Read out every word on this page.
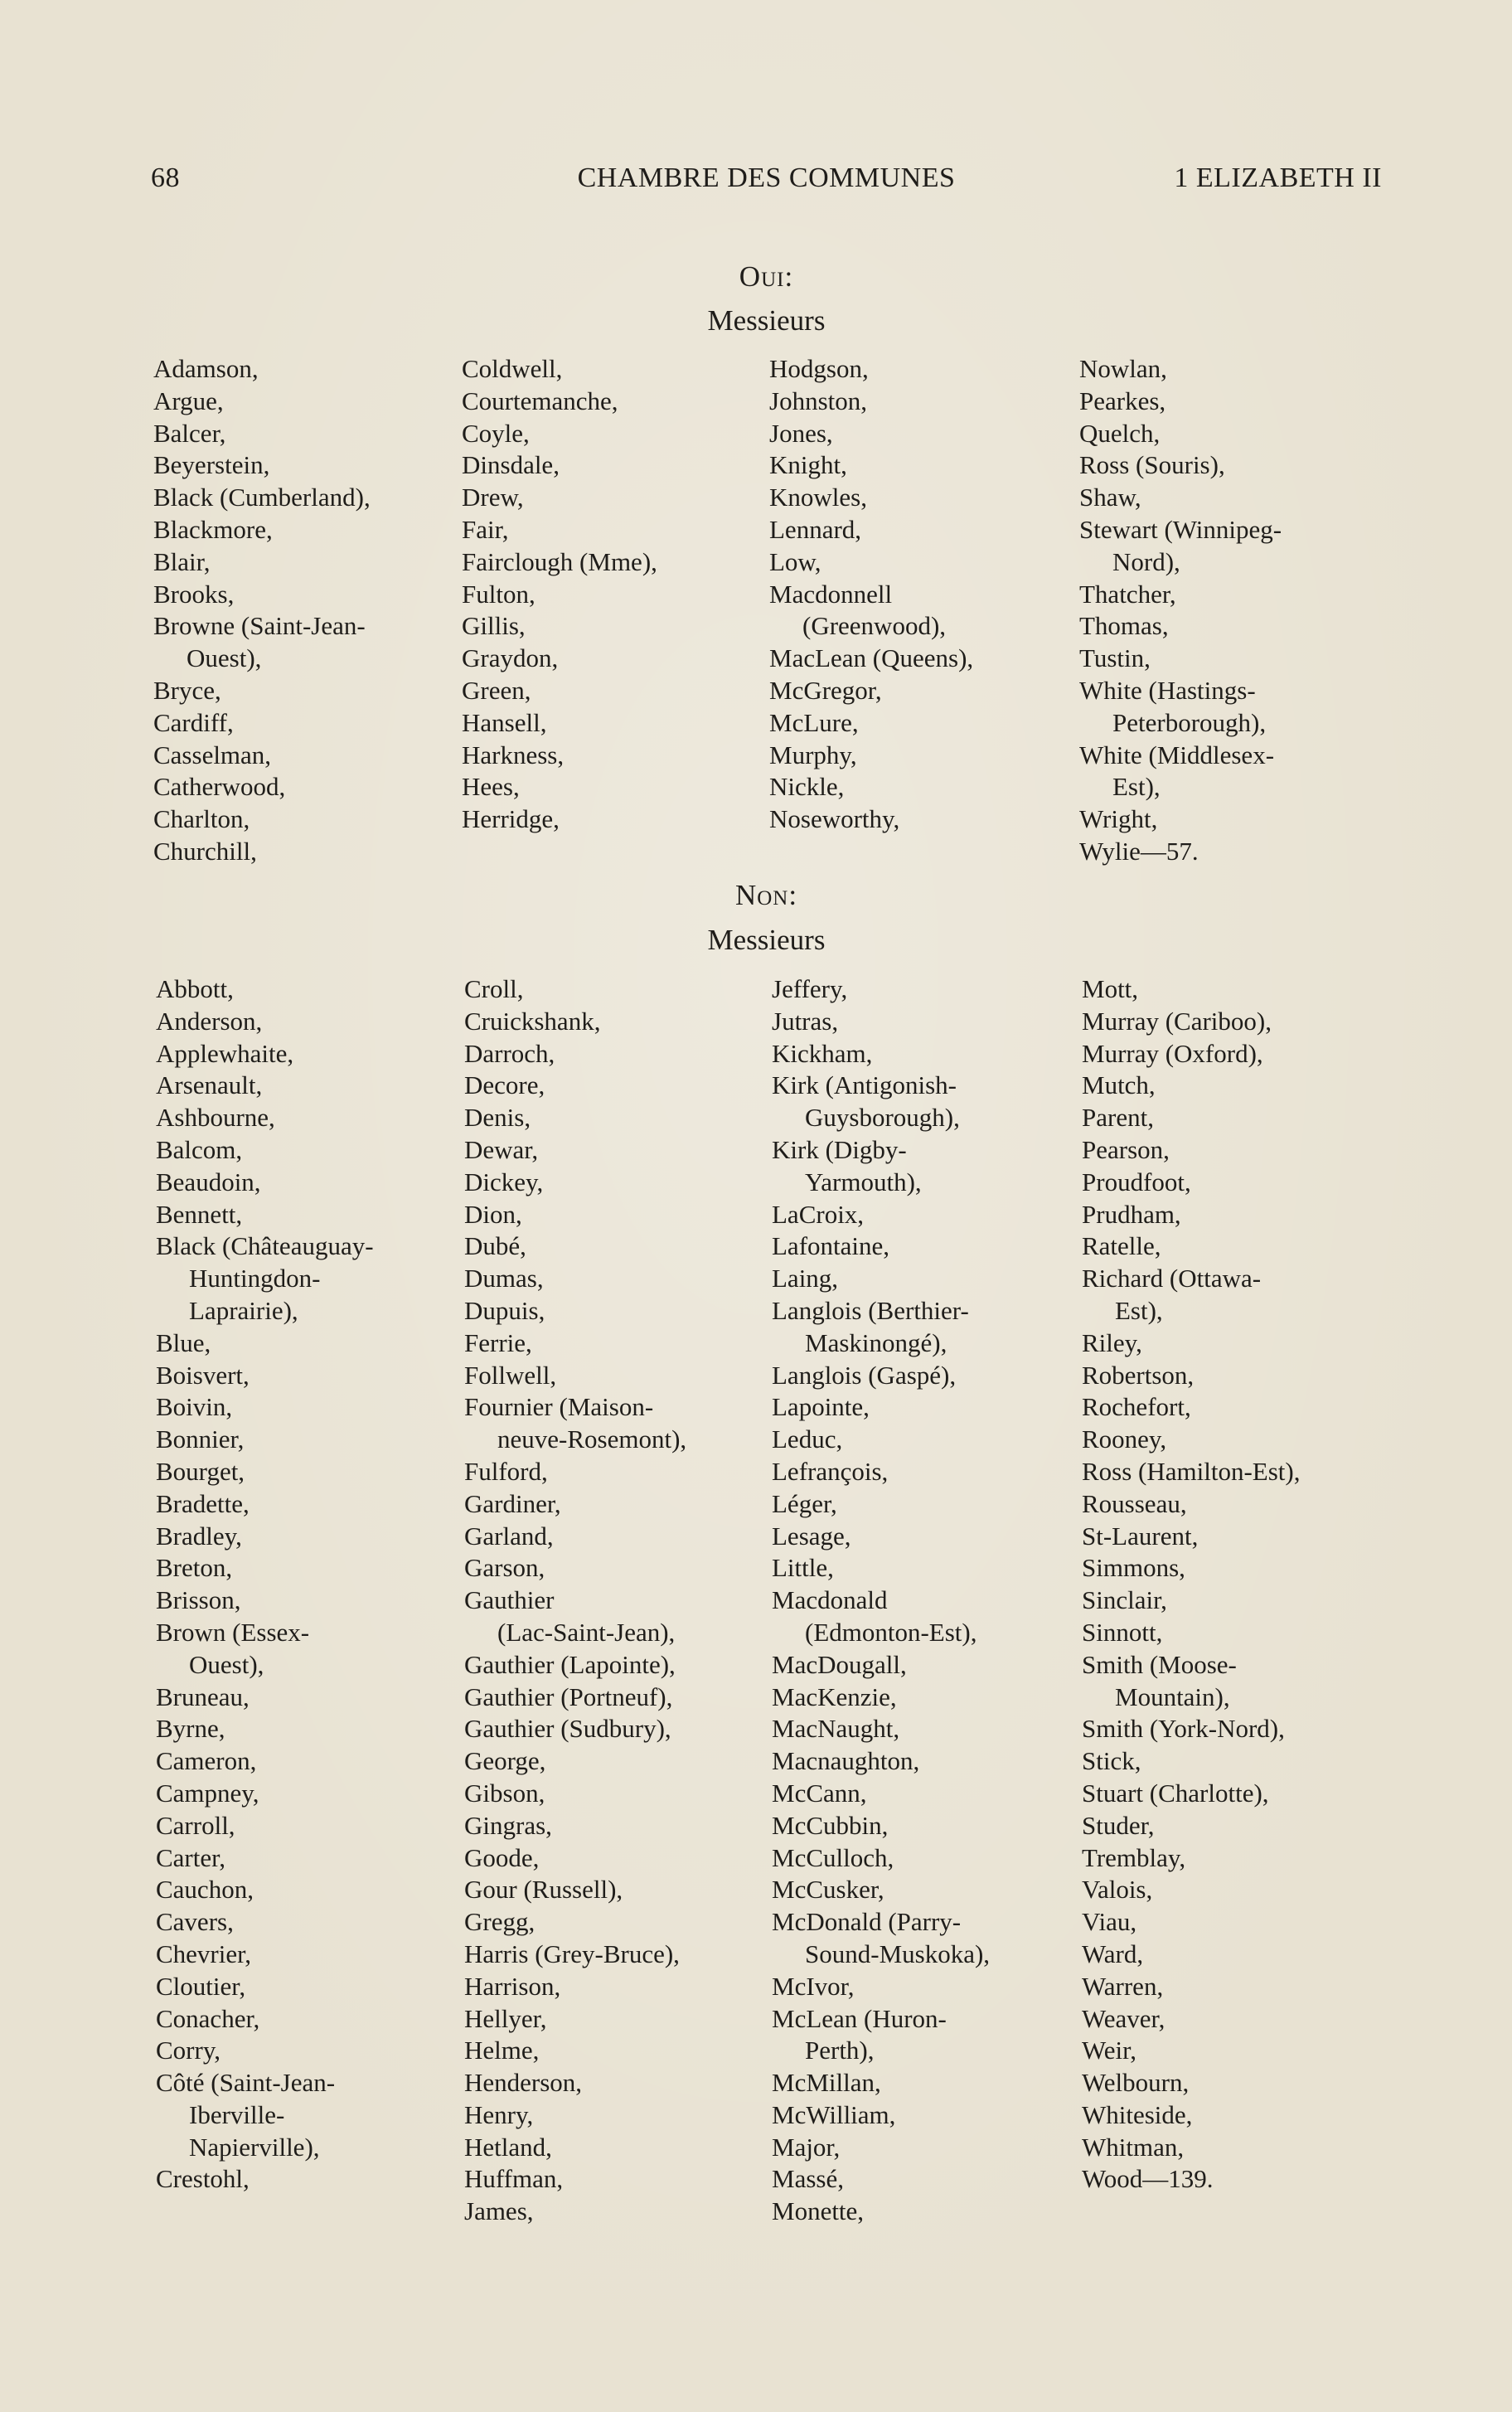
68	CHAMBRE DES COMMUNES	1 ELIZABETH II
Oui:
Messieurs
Adamson,
Argue,
Balcer,
Beyerstein,
Black (Cumberland),
Blackmore,
Blair,
Brooks,
Browne (Saint-Jean-
Ouest),
Bryce,
Cardiff,
Casselman,
Catherwood,
Charlton,
Churchill,
Coldwell,
Courtemanche,
Coyle,
Dinsdale,
Drew,
Fair,
Fairclough (Mme),
Fulton,
Gillis,
Graydon,
Green,
Hansell,
Harkness,
Hees,
Herridge,
Hodgson,
Johnston,
Jones,
Knight,
Knowles,
Lennard,
Low,
Macdonnell
(Greenwood),
MacLean (Queens),
McGregor,
McLure,
Murphy,
Nickle,
Noseworthy,
Nowlan,
Pearkes,
Quelch,
Ross (Souris),
Shaw,
Stewart (Winnipeg-
Nord),
Thatcher,
Thomas,
Tustin,
White (Hastings-
Peterborough),
White (Middlesex-
Est),
Wright,
Wylie—57.
Non:
Messieurs
Abbott,
Anderson,
Applewhaite,
Arsenault,
Ashbourne,
Balcom,
Beaudoin,
Bennett,
Black (Châteauguay-
Huntingdon-
Laprairie),
Blue,
Boisvert,
Boivin,
Bonnier,
Bourget,
Bradette,
Bradley,
Breton,
Brisson,
Brown (Essex-
Ouest),
Bruneau,
Byrne,
Cameron,
Campney,
Carroll,
Carter,
Cauchon,
Cavers,
Chevrier,
Cloutier,
Conacher,
Corry,
Côté (Saint-Jean-
Iberville-
Napierville),
Crestohl,
Croll,
Cruickshank,
Darroch,
Decore,
Denis,
Dewar,
Dickey,
Dion,
Dubé,
Dumas,
Dupuis,
Ferrie,
Follwell,
Fournier (Maison-
neuve-Rosemont),
Fulford,
Gardiner,
Garland,
Garson,
Gauthier
(Lac-Saint-Jean),
Gauthier (Lapointe),
Gauthier (Portneuf),
Gauthier (Sudbury),
George,
Gibson,
Gingras,
Goode,
Gour (Russell),
Gregg,
Harris (Grey-Bruce),
Harrison,
Hellyer,
Helme,
Henderson,
Henry,
Hetland,
Huffman,
James,
Jeffery,
Jutras,
Kickham,
Kirk (Antigonish-
Guysborough),
Kirk (Digby-
Yarmouth),
LaCroix,
Lafontaine,
Laing,
Langlois (Berthier-
Maskinongé),
Langlois (Gaspé),
Lapointe,
Leduc,
Lefrançois,
Léger,
Lesage,
Little,
Macdonald
(Edmonton-Est),
MacDougall,
MacKenzie,
MacNaught,
Macnaughton,
McCann,
McCubbin,
McCulloch,
McCusker,
McDonald (Parry-
Sound-Muskoka),
McIvor,
McLean (Huron-
Perth),
McMillan,
McWilliam,
Major,
Massé,
Monette,
Mott,
Murray (Cariboo),
Murray (Oxford),
Mutch,
Parent,
Pearson,
Proudfoot,
Prudham,
Ratelle,
Richard (Ottawa-
Est),
Riley,
Robertson,
Rochefort,
Rooney,
Ross (Hamilton-Est),
Rousseau,
St-Laurent,
Simmons,
Sinclair,
Sinnott,
Smith (Moose-
Mountain),
Smith (York-Nord),
Stick,
Stuart (Charlotte),
Studer,
Tremblay,
Valois,
Viau,
Ward,
Warren,
Weaver,
Weir,
Welbourn,
Whiteside,
Whitman,
Wood—139.
